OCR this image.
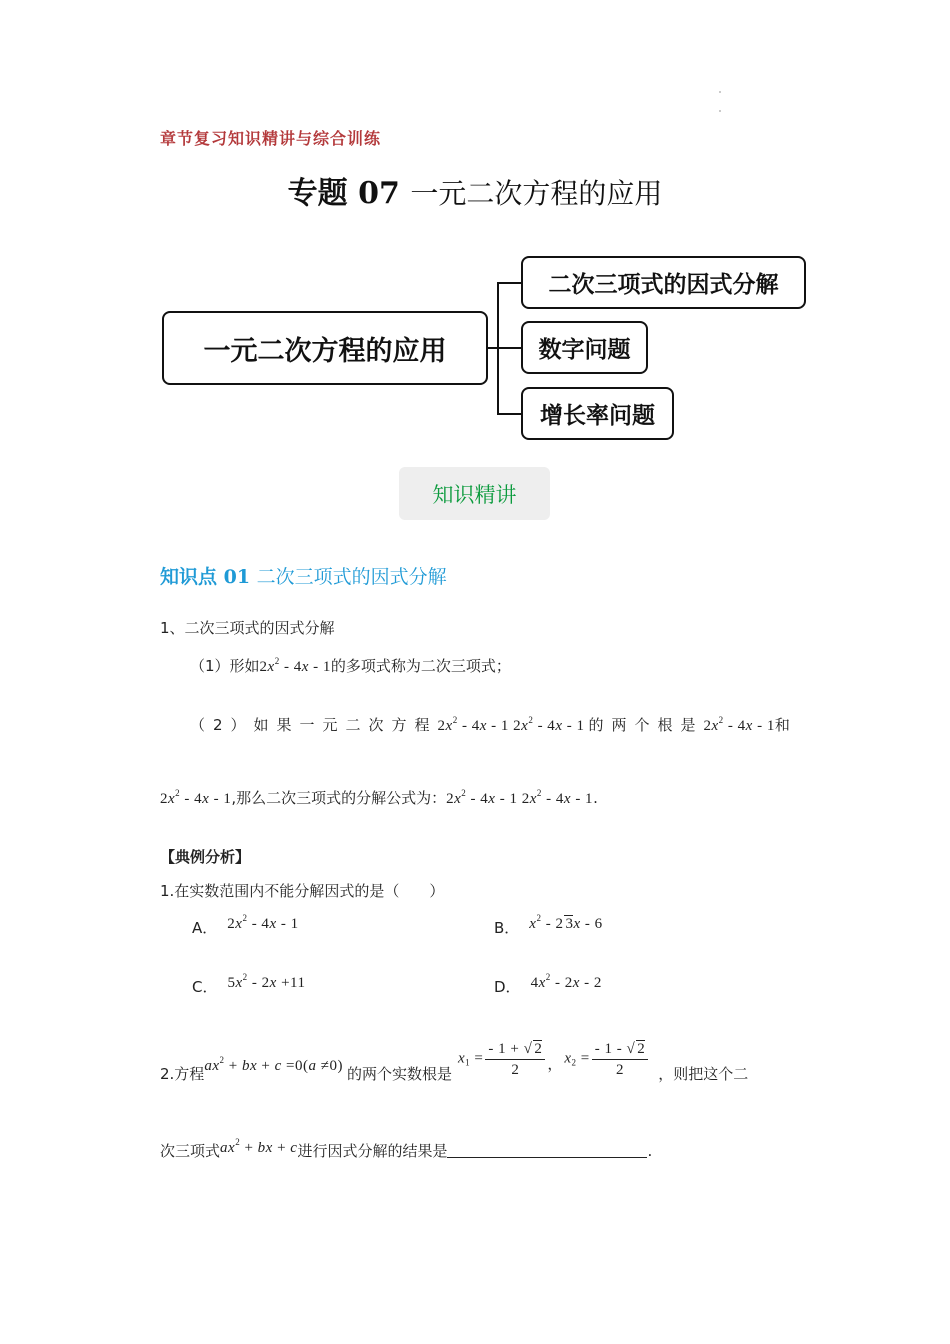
章节复习知识精讲与综合训练
专题 07 一元二次方程的应用
一元二次方程的应用
二次三项式的因式分解
数字问题
增长率问题
知识精讲
知识点 01 二次三项式的因式分解
1、二次三项式的因式分解
（1）形如$2x^2 - 4x - 1$的多项式称为二次三项式；
（2）如果一元二次方程$2x^2 - 4x - 1$ $2x^2 - 4x - 1$ 的两个根是$2x^2 - 4x - 1$和
$2x^2 - 4x - 1$,那么二次三项式的分解公式为：$2x^2 - 4x - 1$ $2x^2 - 4x - 1$.
【典例分析】
1.在实数范围内不能分解因式的是（　　）
A． $2x^2 - 4x - 1$	B． $x^2 - 2$ 3x - 6
C． $5x^2 - 2x +11$	D． $4x^2 - 2x - 2$
2.方程 $ax^2$ + bx + c =0(a ≠0) 的两个实数根是
$x_1 = \frac{- 1 + √ 2}{2}$ ， $x_2 = \frac{- 1 - √ 2}{2}$ ，则把这个二
次三项式$ax^2$ + bx + c进行因式分解的结果是	.
